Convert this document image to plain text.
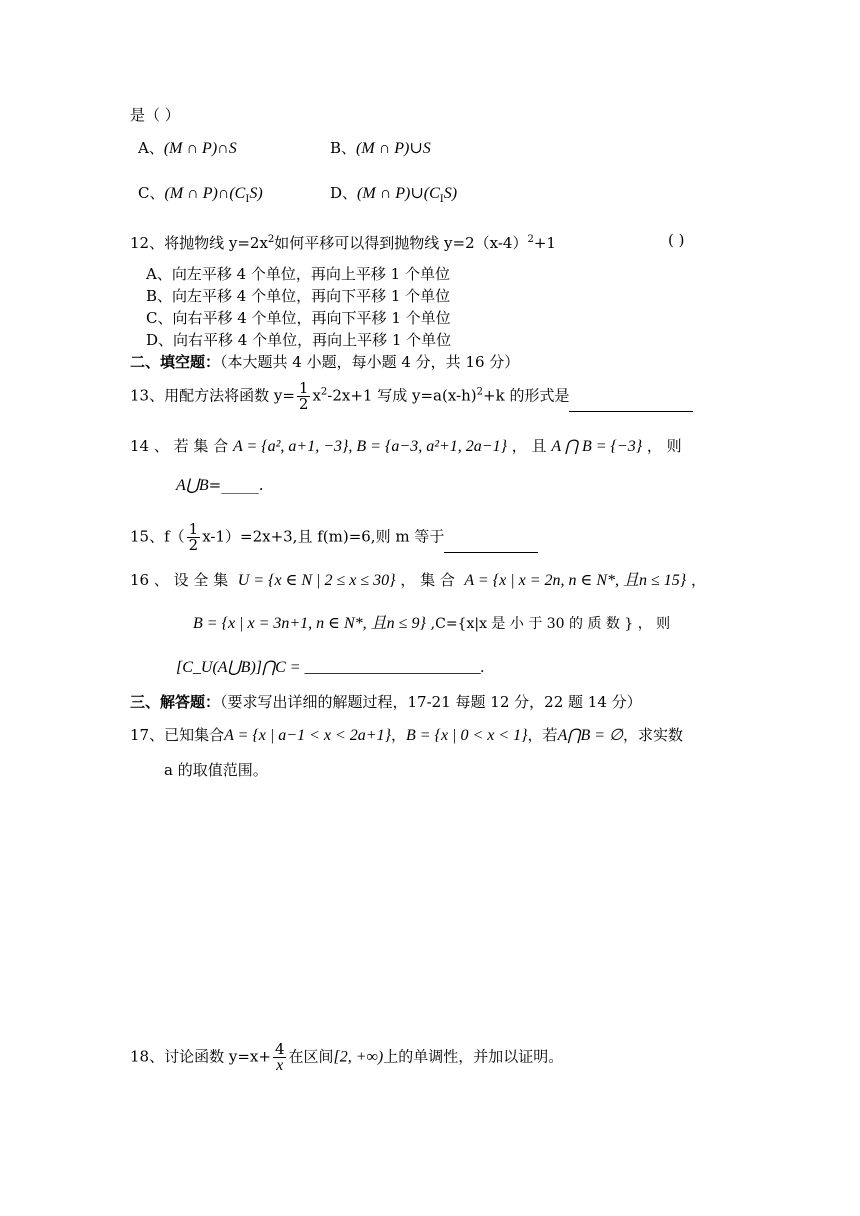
是（ ）
A、(M ∩ P)∩S	B、(M ∩ P)∪S
C、(M ∩ $P)\cap(C_IS)$	D、(M ∩ $P)\cup(C_IS)$
12、将抛物线 $y=2x^2$如何平移可以得到抛物线 $y=2(x-4)^2+1$	( )
A、向左平移 4 个单位，再向上平移 1 个单位
B、向左平移 4 个单位，再向下平移 1 个单位
C、向右平移 4 个单位，再向下平移 1 个单位
D、向右平移 4 个单位，再向上平移 1 个单位
二、填空题：（本大题共 4 小题，每小题 4 分，共 16 分）
13、用配方法将函数 $y= \frac{1}{2} x^2-2x+1$ 写成 $y=a(x-h)^2+k$ 的形式是
14 、 若 集 合 A = {a², a+1, −3}, B = {a−3, a²+1, 2a−1} ， 且 A ⋂ B = {−3} ， 则
A⋃B=_____.
15、$f( \frac{1}{2} x-1)=2x+3$,且 f(m)=6,则 m 等于
16 、 设 全 集 U = {x ∈ N | 2 ≤ x ≤ 30} ， 集 合 A = {x | x = 2n, n ∈ N*, 且n ≤ 15} ，
B = {x | x = 3n+1, n ∈ N*, 且n ≤ 9} ,C={x|x 是 小 于 30 的 质 数 } ， 则
[C_U(A⋃B)]⋂C = ______________________.
三、解答题：（要求写出详细的解题过程，17-21 每题 12 分，22 题 14 分）
17、已知集合A = {x | a−1 < x < 2a+1}，B = {x | 0 < x < 1}，若A⋂B = ∅，求实数
a 的取值范围。
18、讨论函数 $y=x+ \frac{4}{x}$ 在区间[2, +∞)上的单调性，并加以证明。
